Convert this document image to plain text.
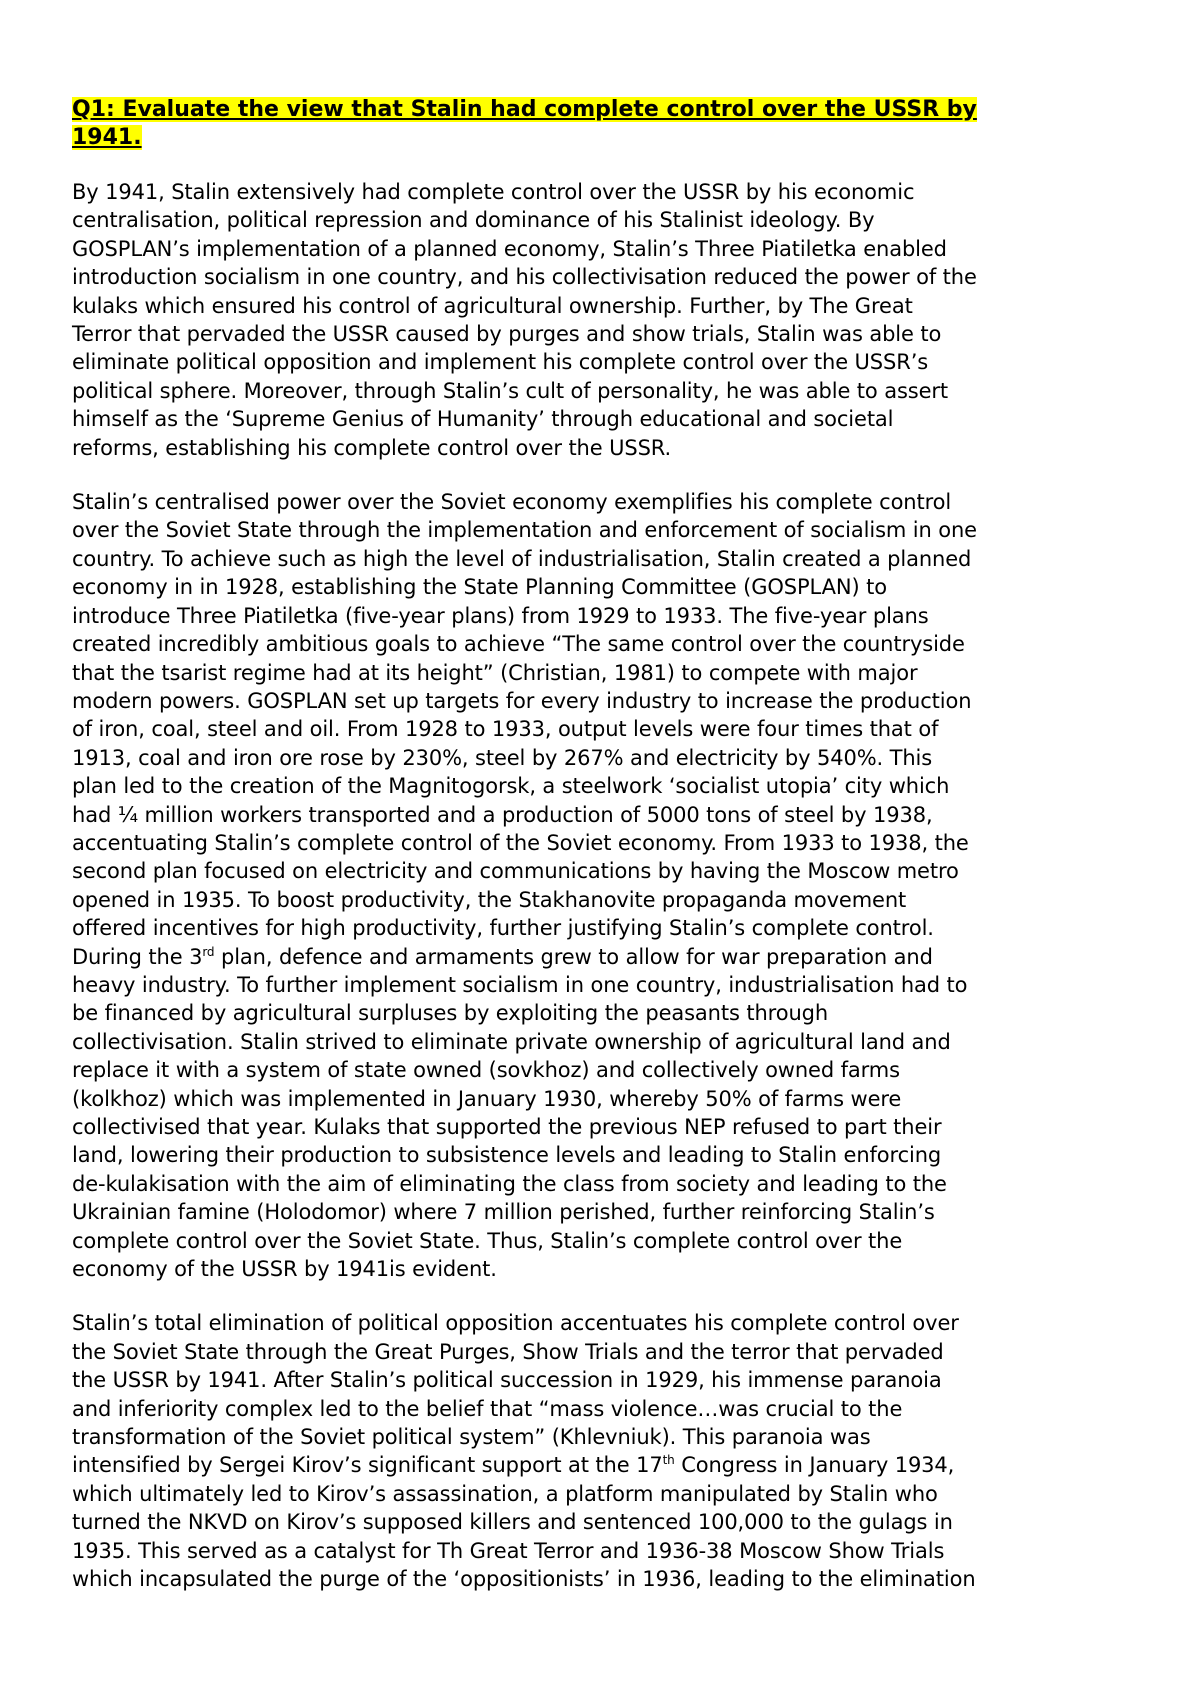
Q1: Evaluate the view that Stalin had complete control over the USSR by
1941.

By 1941, Stalin extensively had complete control over the USSR by his economic
centralisation, political repression and dominance of his Stalinist ideology. By
GOSPLAN’s implementation of a planned economy, Stalin’s Three Piatiletka enabled
introduction socialism in one country, and his collectivisation reduced the power of the
kulaks which ensured his control of agricultural ownership. Further, by The Great
Terror that pervaded the USSR caused by purges and show trials, Stalin was able to
eliminate political opposition and implement his complete control over the USSR’s
political sphere. Moreover, through Stalin’s cult of personality, he was able to assert
himself as the ‘Supreme Genius of Humanity’ through educational and societal
reforms, establishing his complete control over the USSR.

Stalin’s centralised power over the Soviet economy exemplifies his complete control
over the Soviet State through the implementation and enforcement of socialism in one
country. To achieve such as high the level of industrialisation, Stalin created a planned
economy in in 1928, establishing the State Planning Committee (GOSPLAN) to
introduce Three Piatiletka (five-year plans) from 1929 to 1933. The five-year plans
created incredibly ambitious goals to achieve “The same control over the countryside
that the tsarist regime had at its height” (Christian, 1981) to compete with major
modern powers. GOSPLAN set up targets for every industry to increase the production
of iron, coal, steel and oil. From 1928 to 1933, output levels were four times that of
1913, coal and iron ore rose by 230%, steel by 267% and electricity by 540%. This
plan led to the creation of the Magnitogorsk, a steelwork ‘socialist utopia’ city which
had ¼ million workers transported and a production of 5000 tons of steel by 1938,
accentuating Stalin’s complete control of the Soviet economy. From 1933 to 1938, the
second plan focused on electricity and communications by having the Moscow metro
opened in 1935. To boost productivity, the Stakhanovite propaganda movement
offered incentives for high productivity, further justifying Stalin’s complete control.
During the 3rd plan, defence and armaments grew to allow for war preparation and
heavy industry. To further implement socialism in one country, industrialisation had to
be financed by agricultural surpluses by exploiting the peasants through
collectivisation. Stalin strived to eliminate private ownership of agricultural land and
replace it with a system of state owned (sovkhoz) and collectively owned farms
(kolkhoz) which was implemented in January 1930, whereby 50% of farms were
collectivised that year. Kulaks that supported the previous NEP refused to part their
land, lowering their production to subsistence levels and leading to Stalin enforcing
de-kulakisation with the aim of eliminating the class from society and leading to the
Ukrainian famine (Holodomor) where 7 million perished, further reinforcing Stalin’s
complete control over the Soviet State. Thus, Stalin’s complete control over the
economy of the USSR by 1941is evident.

Stalin’s total elimination of political opposition accentuates his complete control over
the Soviet State through the Great Purges, Show Trials and the terror that pervaded
the USSR by 1941. After Stalin’s political succession in 1929, his immense paranoia
and inferiority complex led to the belief that “mass violence…was crucial to the
transformation of the Soviet political system” (Khlevniuk). This paranoia was
intensified by Sergei Kirov’s significant support at the 17th Congress in January 1934,
which ultimately led to Kirov’s assassination, a platform manipulated by Stalin who
turned the NKVD on Kirov’s supposed killers and sentenced 100,000 to the gulags in
1935. This served as a catalyst for Th Great Terror and 1936-38 Moscow Show Trials
which incapsulated the purge of the ‘oppositionists’ in 1936, leading to the elimination
